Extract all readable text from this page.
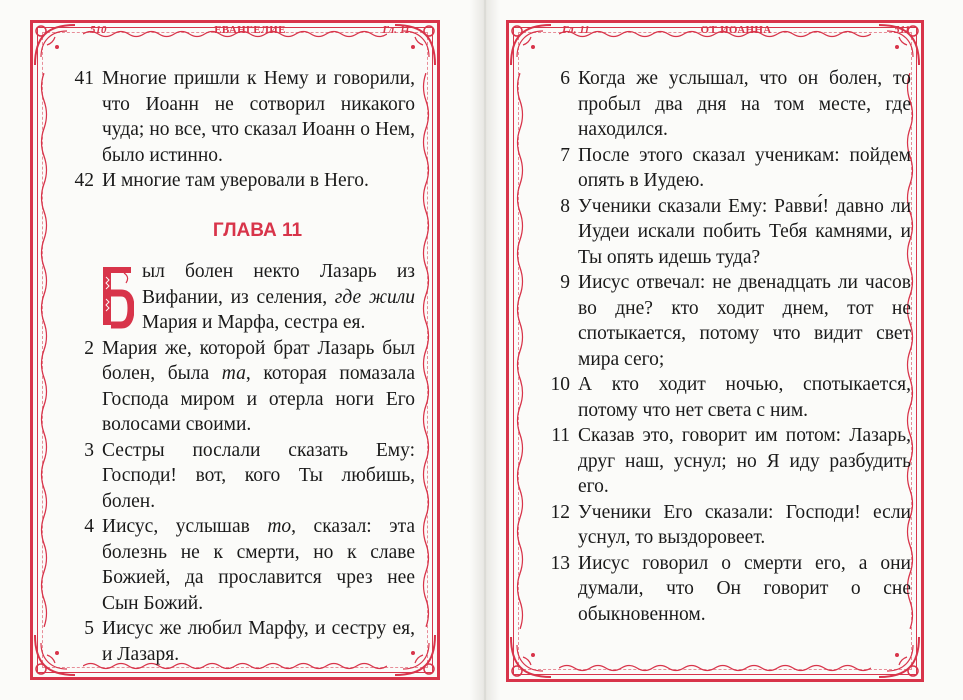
510	ЕВАНГЕЛИЕ	Гл. 11

41 Многие пришли к Нему и говорили, что Иоанн не сотворил никакого чуда; но все, что сказал Иоанн о Нем, было истинно.

42 И многие там уверовали в Него.

ГЛАВА 11
ыл болен некто Лазарь из Вифании, из селения, где жили Мария и Марфа, сестра ея.

2 Мария же, которой брат Лазарь был болен, была та, которая помазала Господа миром и отерла ноги Его волосами своими.

3 Сестры послали сказать Ему: Господи! вот, кого Ты любишь, болен.

4 Иисус, услышав то, сказал: эта болезнь не к смерти, но к славе Божией, да прославится чрез нее Сын Божий.

5 Иисус же любил Марфу, и сестру ея, и Лазаря.

Гл. 11	ОТ ИОАННА	511

6 Когда же услышал, что он болен, то пробыл два дня на том месте, где находился.

7 После этого сказал ученикам: пойдем опять в Иудею.

8 Ученики сказали Ему: Равви́! давно ли Иудеи искали побить Тебя камнями, и Ты опять идешь туда?

9 Иисус отвечал: не двенадцать ли часов во дне? кто ходит днем, тот не спотыкается, потому что видит свет мира сего;

10 А кто ходит ночью, спотыкается, потому что нет света с ним.

11 Сказав это, говорит им потом: Лазарь, друг наш, уснул; но Я иду разбудить его.

12 Ученики Его сказали: Господи! если уснул, то выздоровеет.

13 Иисус говорил о смерти его, а они думали, что Он говорит о сне обыкновенном.
